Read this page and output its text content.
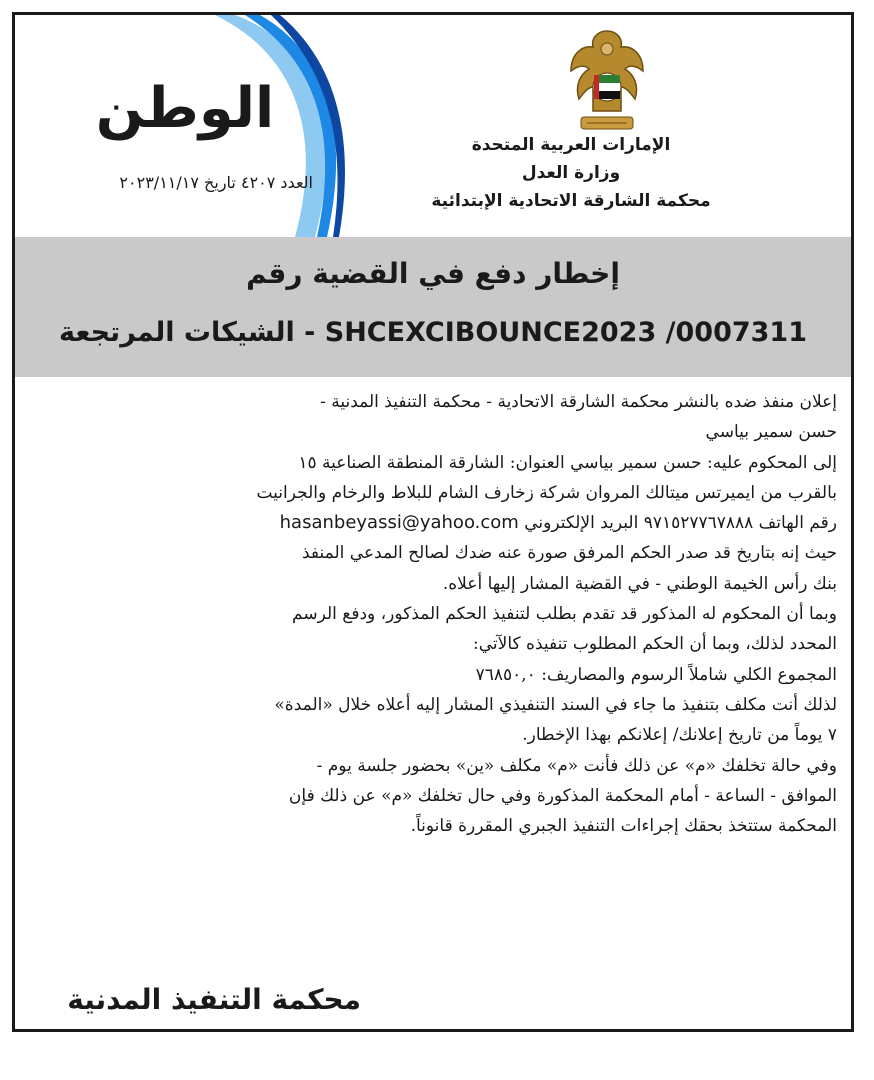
الإمارات العربية المتحدة
وزارة العدل
محكمة الشارقة الاتحادية الإبتدائية
الوطن
العدد ٤٢٠٧ تاريخ ٢٠٢٣/١١/١٧
إخطار دفع في القضية رقم
SHCEXCIBOUNCE2023 /0007311 - الشيكات المرتجعة

إعلان منفذ ضده بالنشر محكمة الشارقة الاتحادية - محكمة التنفيذ المدنية -

حسن سمير بياسي

إلى المحكوم عليه: حسن سمير بياسي العنوان: الشارقة المنطقة الصناعية ١٥

بالقرب من ايميرتس ميتالك المروان شركة زخارف الشام للبلاط والرخام والجرانيت

رقم الهاتف ٩٧١٥٢٧٧٦٧٨٨٨ البريد الإلكتروني hasanbeyassi@yahoo.com

حيث إنه بتاريخ قد صدر الحكم المرفق صورة عنه ضدك لصالح المدعي المنفذ

بنك رأس الخيمة الوطني - في القضية المشار إليها أعلاه.

وبما أن المحكوم له المذكور قد تقدم بطلب لتنفيذ الحكم المذكور، ودفع الرسم

المحدد لذلك، وبما أن الحكم المطلوب تنفيذه كالآتي:

المجموع الكلي شاملاً الرسوم والمصاريف: ٧٦٨٥٠,٠

لذلك أنت مكلف بتنفيذ ما جاء في السند التنفيذي المشار إليه أعلاه خلال «المدة»

٧ يوماً من تاريخ إعلانك/ إعلانكم بهذا الإخطار.

وفي حالة تخلفك «م» عن ذلك فأنت «م» مكلف «ين» بحضور جلسة يوم -

الموافق - الساعة - أمام المحكمة المذكورة وفي حال تخلفك «م» عن ذلك فإن

المحكمة ستتخذ بحقك إجراءات التنفيذ الجبري المقررة قانوناً.

محكمة التنفيذ المدنية
